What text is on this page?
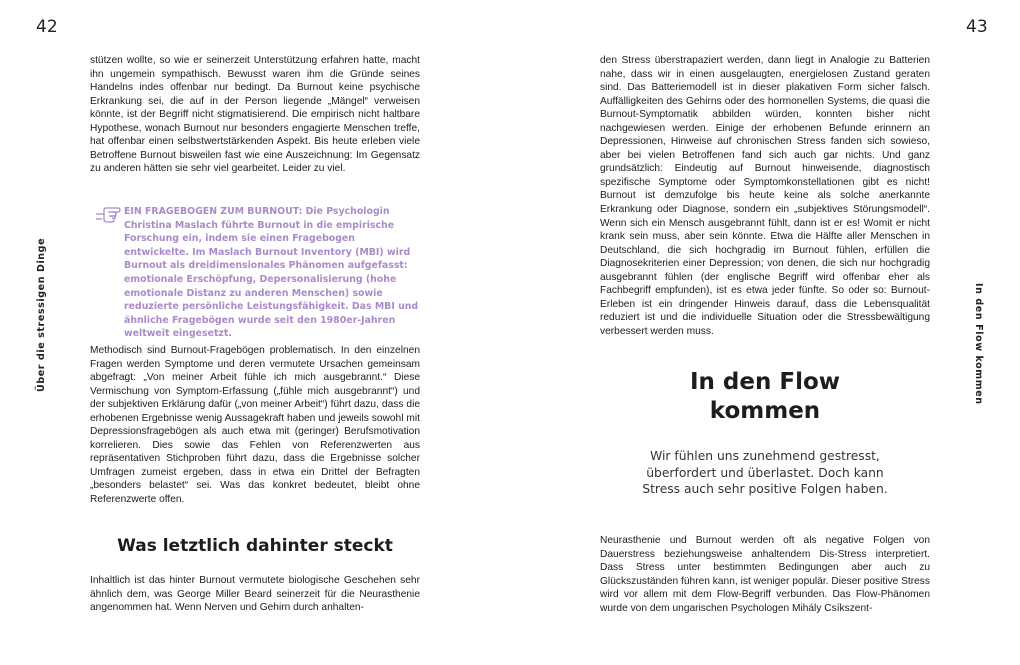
42	43
Über die stressigen Dinge	In den Flow kommen

stützen wollte, so wie er seinerzeit Unterstützung erfahren hatte, macht ihn ungemein sympathisch. Bewusst waren ihm die Gründe seines Handelns indes offenbar nur bedingt. Da Burnout keine psychische Erkrankung sei, die auf in der Person liegende „Mängel“ verweisen könnte, ist der Begriff nicht stigmatisierend. Die empirisch nicht haltbare Hypothese, wonach Burnout nur besonders engagierte Menschen treffe, hat offenbar einen selbstwertstärkenden Aspekt. Bis heute erleben viele Betroffene Burnout bisweilen fast wie eine Auszeichnung: Im Gegensatz zu anderen hätten sie sehr viel gearbeitet. Leider zu viel.

EIN FRAGEBOGEN ZUM BURNOUT: Die Psychologin Christina Maslach führte Burnout in die empirische Forschung ein, indem sie einen Fragebogen entwickelte. Im Maslach Burnout Inventory (MBI) wird Burnout als dreidimensionales Phänomen aufgefasst: emotionale Erschöpfung, Depersonalisierung (hohe emotionale Distanz zu anderen Menschen) sowie reduzierte persönliche Leistungsfähigkeit. Das MBI und ähnliche Fragebögen wurde seit den 1980er-Jahren weltweit eingesetzt.

Methodisch sind Burnout-Fragebögen problematisch. In den einzelnen Fragen werden Symptome und deren vermutete Ursachen gemeinsam abgefragt: „Von meiner Arbeit fühle ich mich ausgebrannt.“ Diese Vermischung von Symptom-Erfassung („fühle mich ausgebrannt“) und der subjektiven Erklärung dafür („von meiner Arbeit“) führt dazu, dass die erhobenen Ergebnisse wenig Aussagekraft haben und jeweils sowohl mit Depressionsfragebögen als auch etwa mit (geringer) Berufsmotivation korrelieren. Dies sowie das Fehlen von Referenzwerten aus repräsentativen Stichproben führt dazu, dass die Ergebnisse solcher Umfragen zumeist ergeben, dass in etwa ein Drittel der Befragten „besonders belastet“ sei. Was das konkret bedeutet, bleibt ohne Referenzwerte offen.

Was letztlich dahinter steckt

Inhaltlich ist das hinter Burnout vermutete biologische Geschehen sehr ähnlich dem, was George Miller Beard seinerzeit für die Neurasthenie angenommen hat. Wenn Nerven und Gehirn durch anhalten-

den Stress überstrapaziert werden, dann liegt in Analogie zu Batterien nahe, dass wir in einen ausgelaugten, energielosen Zustand geraten sind. Das Batteriemodell ist in dieser plakativen Form sicher falsch. Auffälligkeiten des Gehirns oder des hormonellen Systems, die quasi die Burnout-Symptomatik abbilden würden, konnten bisher nicht nachgewiesen werden. Einige der erhobenen Befunde erinnern an Depressionen, Hinweise auf chronischen Stress fanden sich sowieso, aber bei vielen Betroffenen fand sich auch gar nichts. Und ganz grundsätzlich: Eindeutig auf Burnout hinweisende, diagnostisch spezifische Symptome oder Symptomkonstellationen gibt es nicht! Burnout ist demzufolge bis heute keine als solche anerkannte Erkrankung oder Diagnose, sondern ein „subjektives Störungsmodell“. Wenn sich ein Mensch ausgebrannt fühlt, dann ist er es! Womit er nicht krank sein muss, aber sein könnte. Etwa die Hälfte aller Menschen in Deutschland, die sich hochgradig im Burnout fühlen, erfüllen die Diagnosekriterien einer Depression; von denen, die sich nur hochgradig ausgebrannt fühlen (der englische Begriff wird offenbar eher als Fachbegriff empfunden), ist es etwa jeder fünfte. So oder so: Burnout-Erleben ist ein dringender Hinweis darauf, dass die Lebensqualität reduziert ist und die individuelle Situation oder die Stressbewältigung verbessert werden muss.

In den Flow
kommen
Wir fühlen uns zunehmend gestresst,
überfordert und überlastet. Doch kann
Stress auch sehr positive Folgen haben.

Neurasthenie und Burnout werden oft als negative Folgen von Dauerstress beziehungsweise anhaltendem Dis-Stress interpretiert. Dass Stress unter bestimmten Bedingungen aber auch zu Glückszuständen führen kann, ist weniger populär. Dieser positive Stress wird vor allem mit dem Flow-Begriff verbunden. Das Flow-Phänomen wurde von dem ungarischen Psychologen Mihály Csíkszent-
